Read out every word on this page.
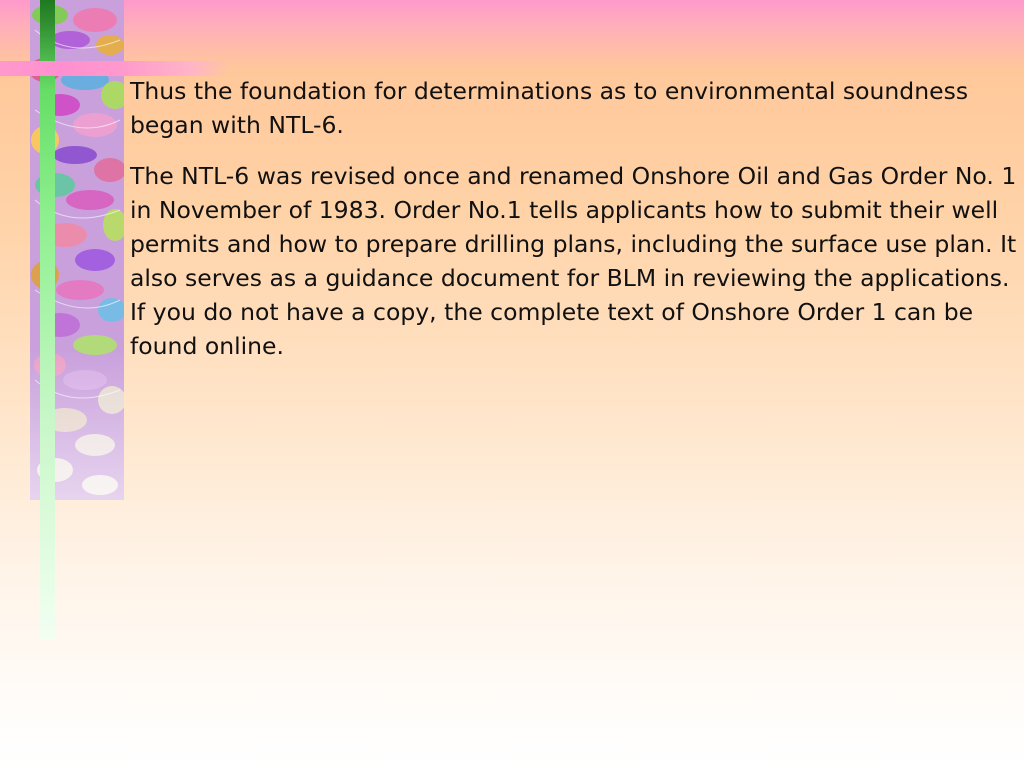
Thus the foundation for determinations as to environmental soundness began with NTL-6.

The NTL-6 was revised once and renamed Onshore Oil and Gas Order No. 1 in November of 1983. Order No.1 tells applicants how to submit their well permits and how to prepare drilling plans, including the surface use plan. It also serves as a guidance document for BLM in reviewing the applications. If you do not have a copy, the complete text of Onshore Order 1 can be found online.
